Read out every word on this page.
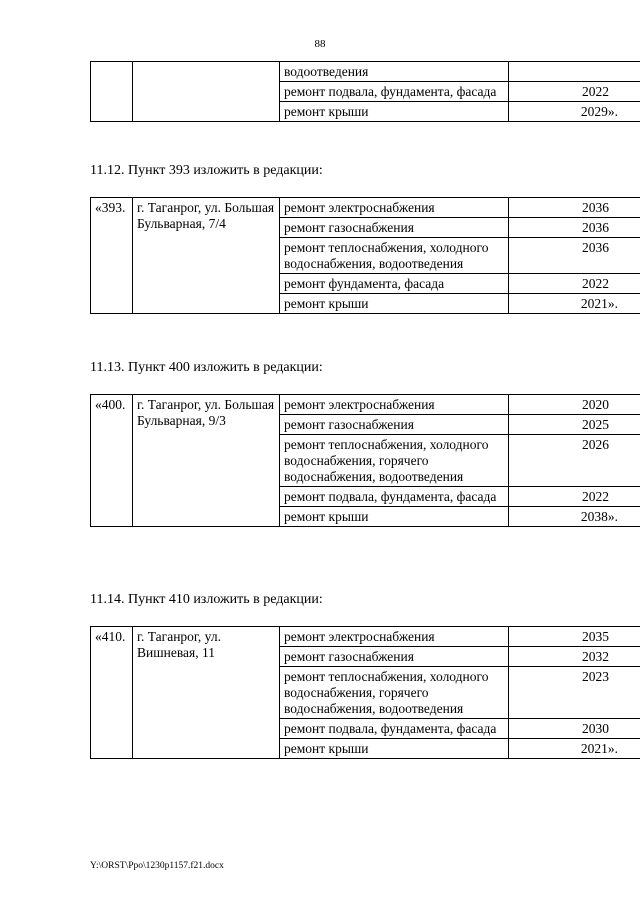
88
		водоотведения	
		ремонт подвала, фундамента, фасада	2022
		ремонт крыши	2029».
11.12. Пункт 393 изложить в редакции:
«393.	г. Таганрог, ул. Большая Бульварная, 7/4	ремонт электроснабжения	2036
		ремонт газоснабжения	2036
		ремонт теплоснабжения, холодного водоснабжения, водоотведения	2036
		ремонт фундамента, фасада	2022
		ремонт крыши	2021».
11.13. Пункт 400 изложить в редакции:
«400.	г. Таганрог, ул. Большая Бульварная, 9/3	ремонт электроснабжения	2020
		ремонт газоснабжения	2025
		ремонт теплоснабжения, холодного водоснабжения, горячего водоснабжения, водоотведения	2026
		ремонт подвала, фундамента, фасада	2022
		ремонт крыши	2038».
11.14. Пункт 410 изложить в редакции:
«410.	г. Таганрог, ул. Вишневая, 11	ремонт электроснабжения	2035
		ремонт газоснабжения	2032
		ремонт теплоснабжения, холодного водоснабжения, горячего водоснабжения, водоотведения	2023
		ремонт подвала, фундамента, фасада	2030
		ремонт крыши	2021».
Y:\ORST\Ppo\1230p1157.f21.docx
